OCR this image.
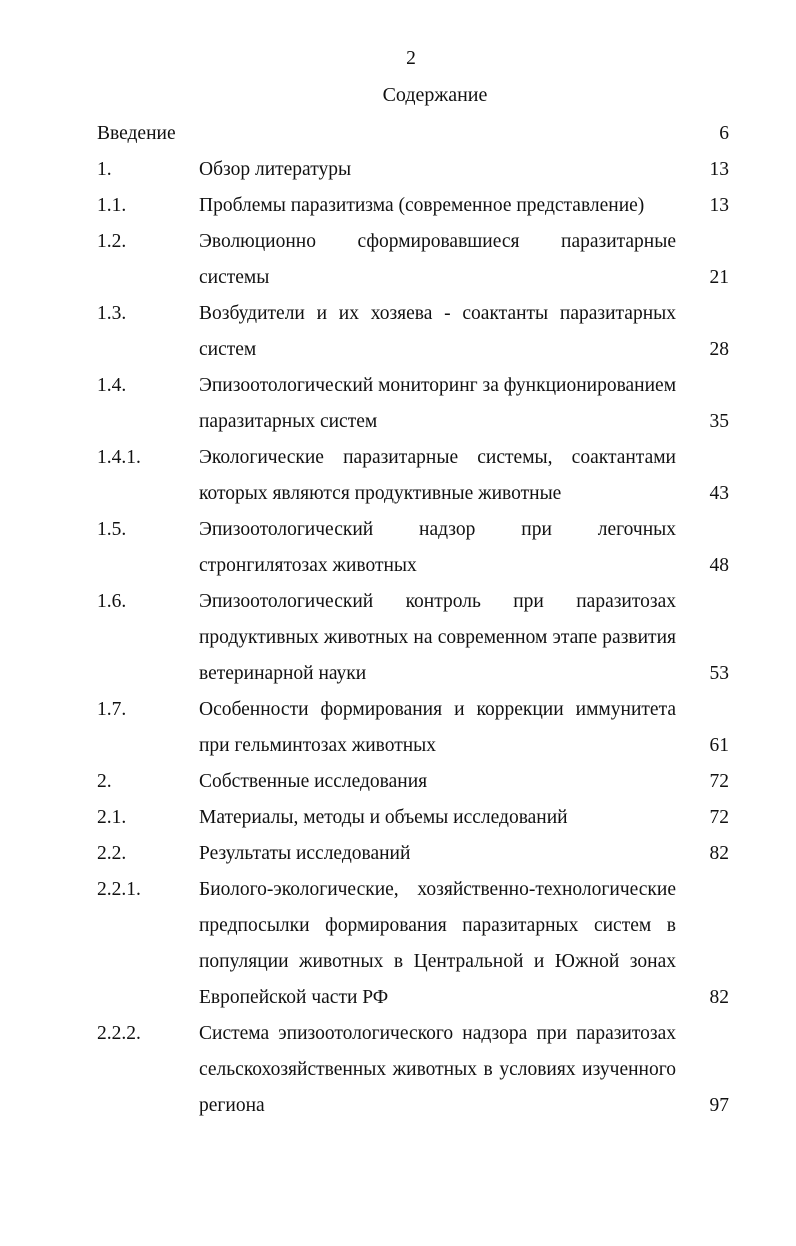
2
Содержание
Введение	6
1.	Обзор литературы	13
1.1.	Проблемы паразитизма (современное представление)	13
1.2.	Эволюционно сформировавшиеся паразитарные
системы	21
1.3.	Возбудители и их хозяева - соактанты паразитарных
систем	28
1.4.	Эпизоотологический мониторинг за функционированием
паразитарных систем	35
1.4.1.	Экологические паразитарные системы, соактантами
которых являются продуктивные животные	43
1.5.	Эпизоотологический надзор при легочных
стронгилятозах животных	48
1.6.	Эпизоотологический контроль при паразитозах
продуктивных животных на современном этапе развития
ветеринарной науки	53
1.7.	Особенности формирования и коррекции иммунитета
при гельминтозах животных	61
2.	Собственные исследования	72
2.1.	Материалы, методы и объемы исследований	72
2.2.	Результаты исследований	82
2.2.1.	Биолого-экологические, хозяйственно-технологические
предпосылки формирования паразитарных систем в
популяции животных в Центральной и Южной зонах
Европейской части РФ	82
2.2.2.	Система эпизоотологического надзора при паразитозах
сельскохозяйственных животных в условиях изученного
региона	97
